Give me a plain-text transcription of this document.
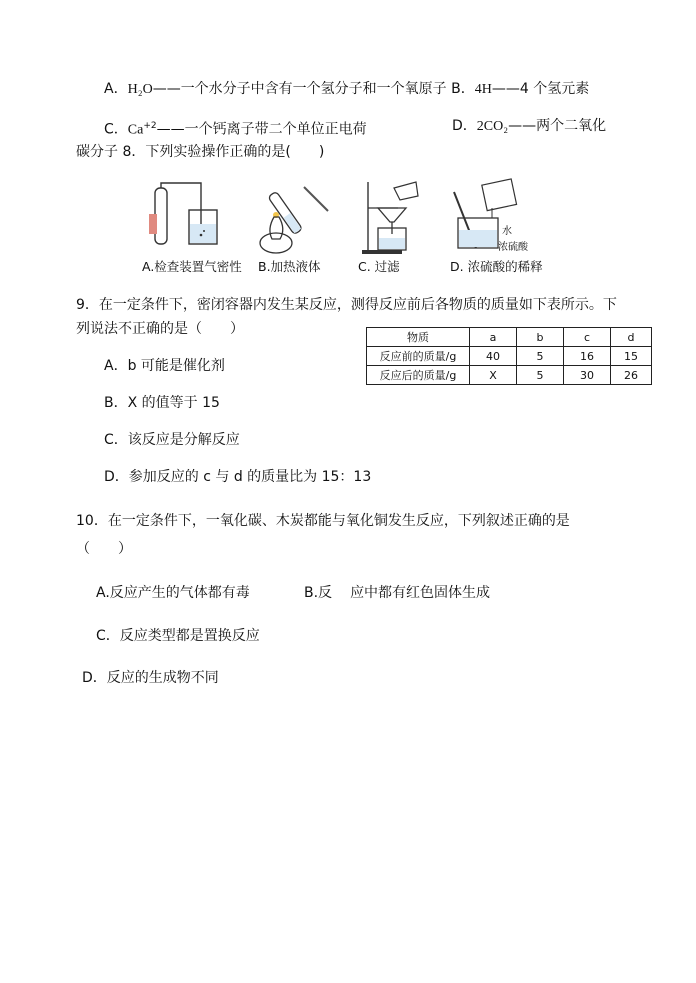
A．H₂O——一个水分子中含有一个氢分子和一个氧原子 B．4H——4 个氢元素
C．$Ca^{+2}——$一个钙离子带二个单位正电荷	D．2CO₂——两个二氧化
碳分子 8．下列实验操作正确的是(　　)
A.检查装置气密性 B.加热液体	C. 过滤
水
浓硫酸
D. 浓硫酸的稀释
9．在一定条件下，密闭容器内发生某反应，测得反应前后各物质的质量如下表所示。下
列说法不正确的是（　　）
物质	a	b	c	d
反应前的质量/g	40	5	16	15
反应后的质量/g	X	5	30	26
A．b 可能是催化剂
B．X 的值等于 15
C．该反应是分解反应
D．参加反应的 c 与 d 的质量比为 15：13
10．在一定条件下，一氧化碳、木炭都能与氧化铜发生反应，下列叙述正确的是
（　　）
A.反应产生的气体都有毒	B.反 应中都有红色固体生成
C．反应类型都是置换反应
D．反应的生成物不同
